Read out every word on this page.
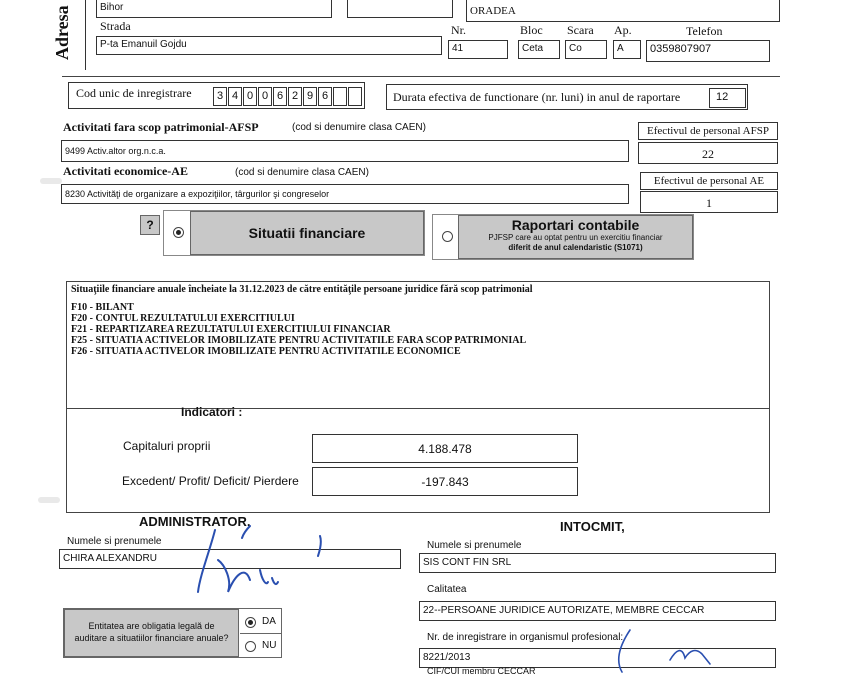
Adresa	Bihor	ORADEA
Strada	Nr.	Bloc Scara Ap.	Telefon
P-ta Emanuil Gojdu	41	Ceta	Co	A	0359807907
Cod unic de inregistrare	3 4 0 0 6 2 9 6	Durata efectiva de functionare (nr. luni) in anul de raportare	12
Activitati fara scop patrimonial-AFSP	(cod si denumire clasa CAEN)
9499 Activ.altor org.n.c.a.
Efectivul de personal AFSP
22
Activitati economice-AE	(cod si denumire clasa CAEN)
8230 Activităţi de organizare a expoziţiilor, târgurilor şi congreselor
Efectivul de personal AE
1
?	Situatii financiare	Raportari contabile
PJFSP care au optat pentru un exercitiu financiar
diferit de anul calendaristic (S1071)
Situaţiile financiare anuale încheiate la 31.12.2023 de către entităţile persoane juridice fără scop patrimonial
F10 - BILANT
F20 - CONTUL REZULTATULUI EXERCITIULUI
F21 - REPARTIZAREA REZULTATULUI EXERCITIULUI FINANCIAR
F25 - SITUATIA ACTIVELOR IMOBILIZATE PENTRU ACTIVITATILE FARA SCOP PATRIMONIAL
F26 - SITUATIA ACTIVELOR IMOBILIZATE PENTRU ACTIVITATILE ECONOMICE
Indicatori :
Capitaluri proprii	4.188.478
Excedent/ Profit/ Deficit/ Pierdere	-197.843
ADMINISTRATOR,
Numele si prenumele
CHIRA ALEXANDRU
Entitatea are obligatia legală de
auditare a situatiilor financiare anuale?
DA
NU
INTOCMIT,
Numele si prenumele
SIS CONT FIN SRL
Calitatea
22--PERSOANE JURIDICE AUTORIZATE, MEMBRE CECCAR
Nr. de inregistrare in organismul profesional:
8221/2013
CIF/CUI membru CECCAR
